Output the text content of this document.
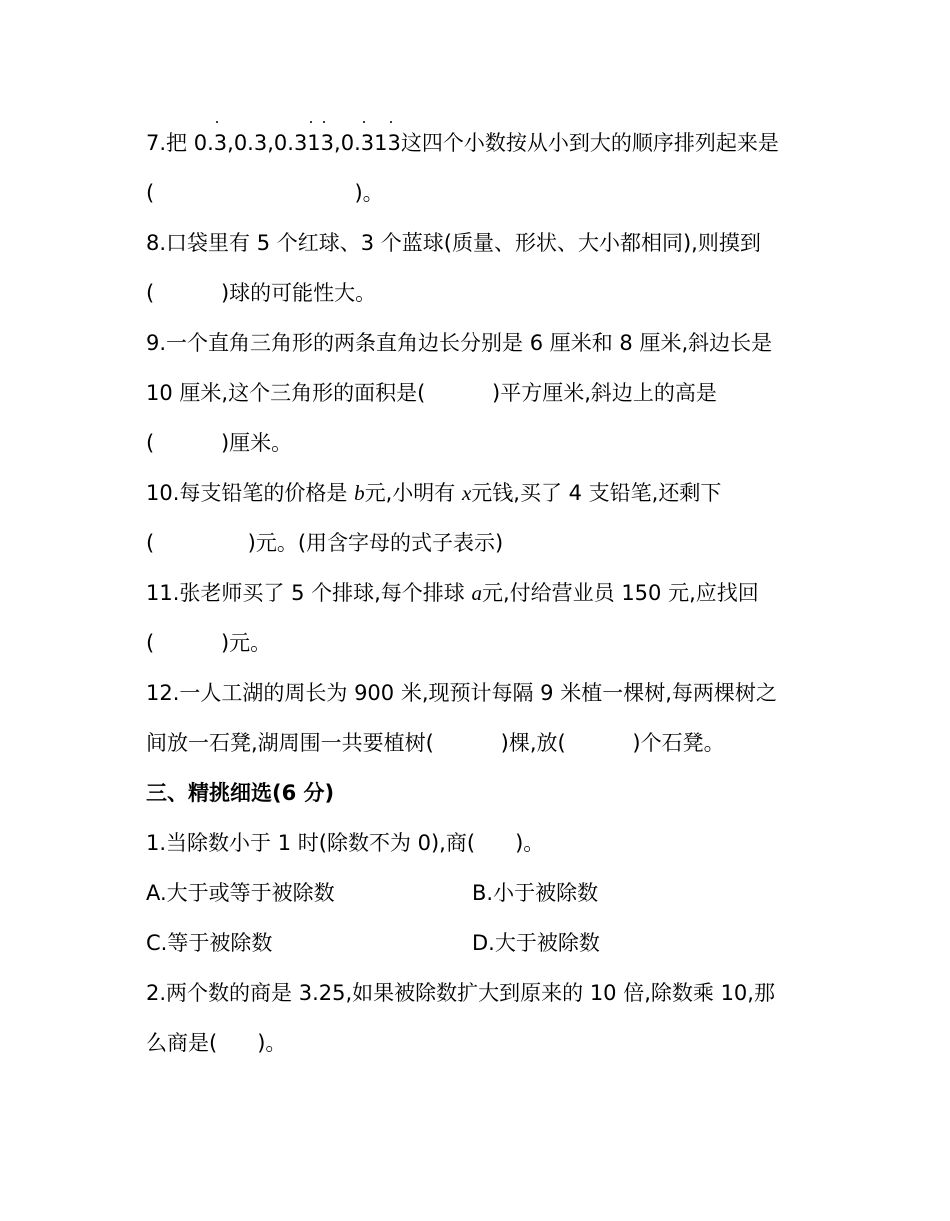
7.把 0.3
,0.3,0.313
,0.313
这四个小数按从小到大的顺序排列起来是
(                              )。
8.口袋里有 5 个红球、3 个蓝球(质量、形状、大小都相同),则摸到
(          )球的可能性大。
9.一个直角三角形的两条直角边长分别是 6 厘米和 8 厘米,斜边长是
10 厘米,这个三角形的面积是(          )平方厘米,斜边上的高是
(          )厘米。
10.每支铅笔的价格是 b元,小明有 x元钱,买了 4 支铅笔,还剩下
(              )元。(用含字母的式子表示)
11.张老师买了 5 个排球,每个排球 a元,付给营业员 150 元,应找回
(          )元。
12.一人工湖的周长为 900 米,现预计每隔 9 米植一棵树,每两棵树之
间放一石凳,湖周围一共要植树(          )棵,放(          )个石凳。
三、精挑细选(6 分)
1.当除数小于 1 时(除数不为 0),商(      )。
A.大于或等于被除数	B.小于被除数
C.等于被除数	D.大于被除数
2.两个数的商是 3.25,如果被除数扩大到原来的 10 倍,除数乘 10,那
么商是(      )。
